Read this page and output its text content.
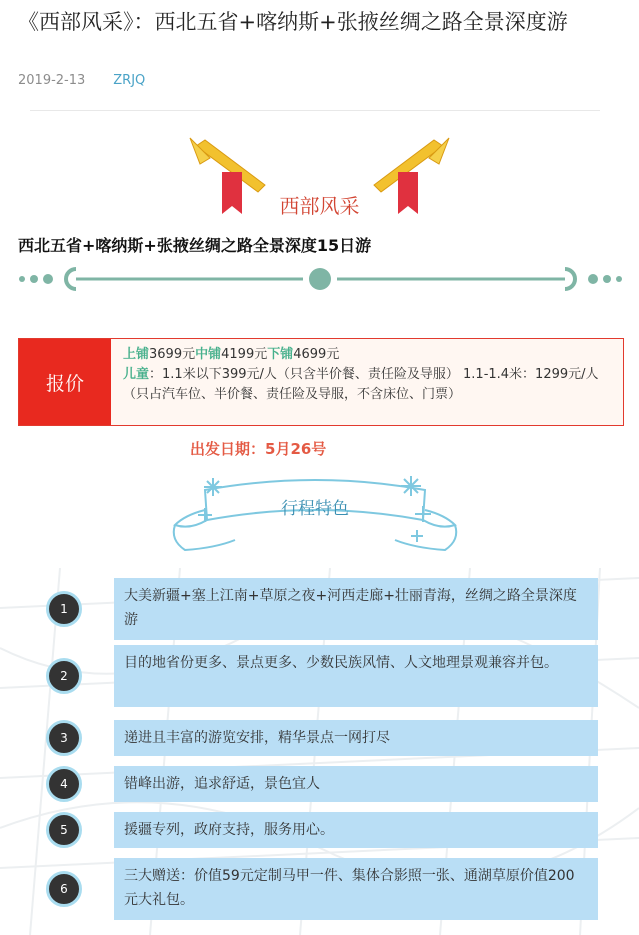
《西部风采》：西北五省+喀纳斯+张掖丝绸之路全景深度游
2019-2-13 ZRJQ
西部风采
西北五省+喀纳斯+张掖丝绸之路全景深度15日游
报价
上铺3699元中铺4199元下铺4699元
儿童：1.1米以下399元/人（只含半价餐、责任险及导服） 1.1-1.4米：1299元/人（只占汽车位、半价餐、责任险及导服，不含床位、门票）
出发日期：5月26号
行程特色
1
大美新疆+塞上江南+草原之夜+河西走廊+壮丽青海，丝绸之路全景深度游
2
目的地省份更多、景点更多、少数民族风情、人文地理景观兼容并包。
3	递进且丰富的游览安排，精华景点一网打尽
4	错峰出游，追求舒适，景色宜人
5	援疆专列，政府支持，服务用心。
6
三大赠送：价值59元定制马甲一件、集体合影照一张、通湖草原价值200元大礼包。
